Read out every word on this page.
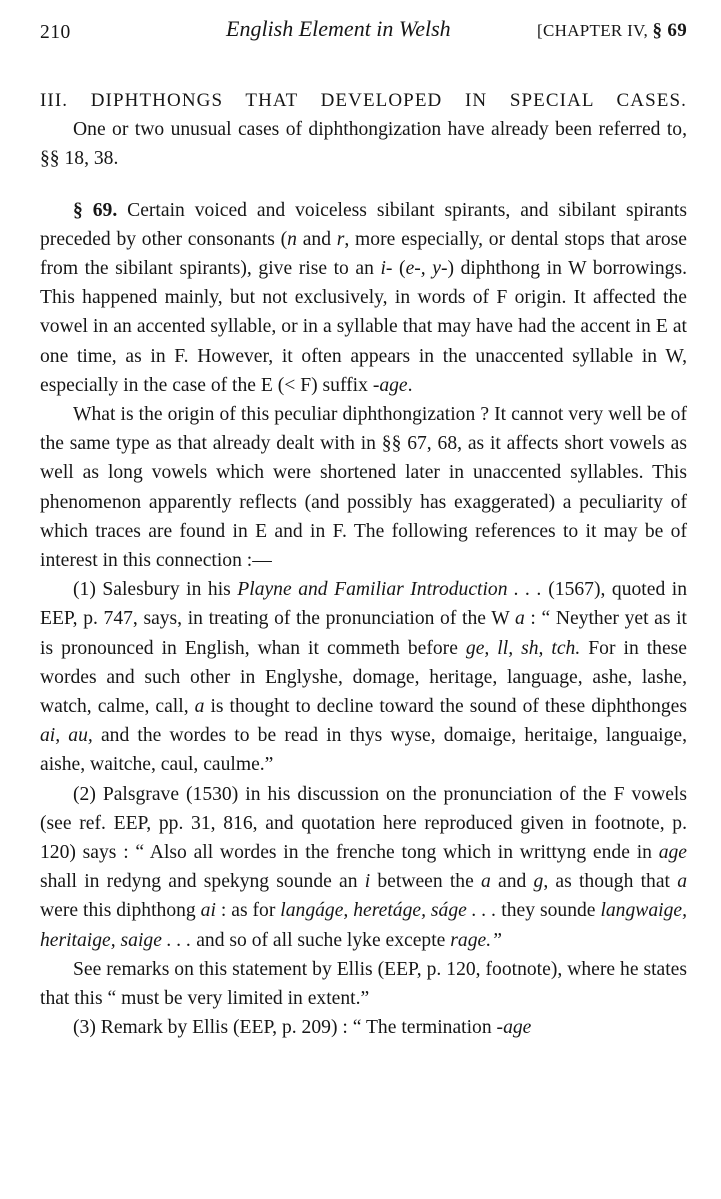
210	English Element in Welsh	[CHAPTER IV, § 69
III. DIPHTHONGS THAT DEVELOPED IN SPECIAL CASES.

One or two unusual cases of diphthongization have already been referred to, §§ 18, 38.

§ 69. Certain voiced and voiceless sibilant spirants, and sibilant spirants preceded by other consonants (n and r, more especially, or dental stops that arose from the sibilant spirants), give rise to an i- (e-, y-) diphthong in W borrowings. This happened mainly, but not exclusively, in words of F origin. It affected the vowel in an accented syllable, or in a syllable that may have had the accent in E at one time, as in F. However, it often appears in the unaccented syllable in W, especially in the case of the E (< F) suffix -age.

What is the origin of this peculiar diphthongization ? It cannot very well be of the same type as that already dealt with in §§ 67, 68, as it affects short vowels as well as long vowels which were shortened later in unaccented syllables. This phenomenon apparently reflects (and possibly has exaggerated) a peculiarity of which traces are found in E and in F. The following references to it may be of interest in this connection :—

(1) Salesbury in his Playne and Familiar Introduction . . . (1567), quoted in EEP, p. 747, says, in treating of the pronunciation of the W a : “ Neyther yet as it is pronounced in English, whan it commeth before ge, ll, sh, tch. For in these wordes and such other in Englyshe, domage, heritage, language, ashe, lashe, watch, calme, call, a is thought to decline toward the sound of these diphthonges ai, au, and the wordes to be read in thys wyse, domaige, heritaige, languaige, aishe, waitche, caul, caulme.”

(2) Palsgrave (1530) in his discussion on the pronunciation of the F vowels (see ref. EEP, pp. 31, 816, and quotation here reproduced given in footnote, p. 120) says : “ Also all wordes in the frenche tong which in writtyng ende in age shall in redyng and spekyng sounde an i between the a and g, as though that a were this diphthong ai : as for langáge, heretáge, ságe . . . they sounde langwaige, heritaige, saige . . . and so of all suche lyke excepte rage.”

See remarks on this statement by Ellis (EEP, p. 120, footnote), where he states that this “ must be very limited in extent.”

(3) Remark by Ellis (EEP, p. 209) : “ The termination -age
